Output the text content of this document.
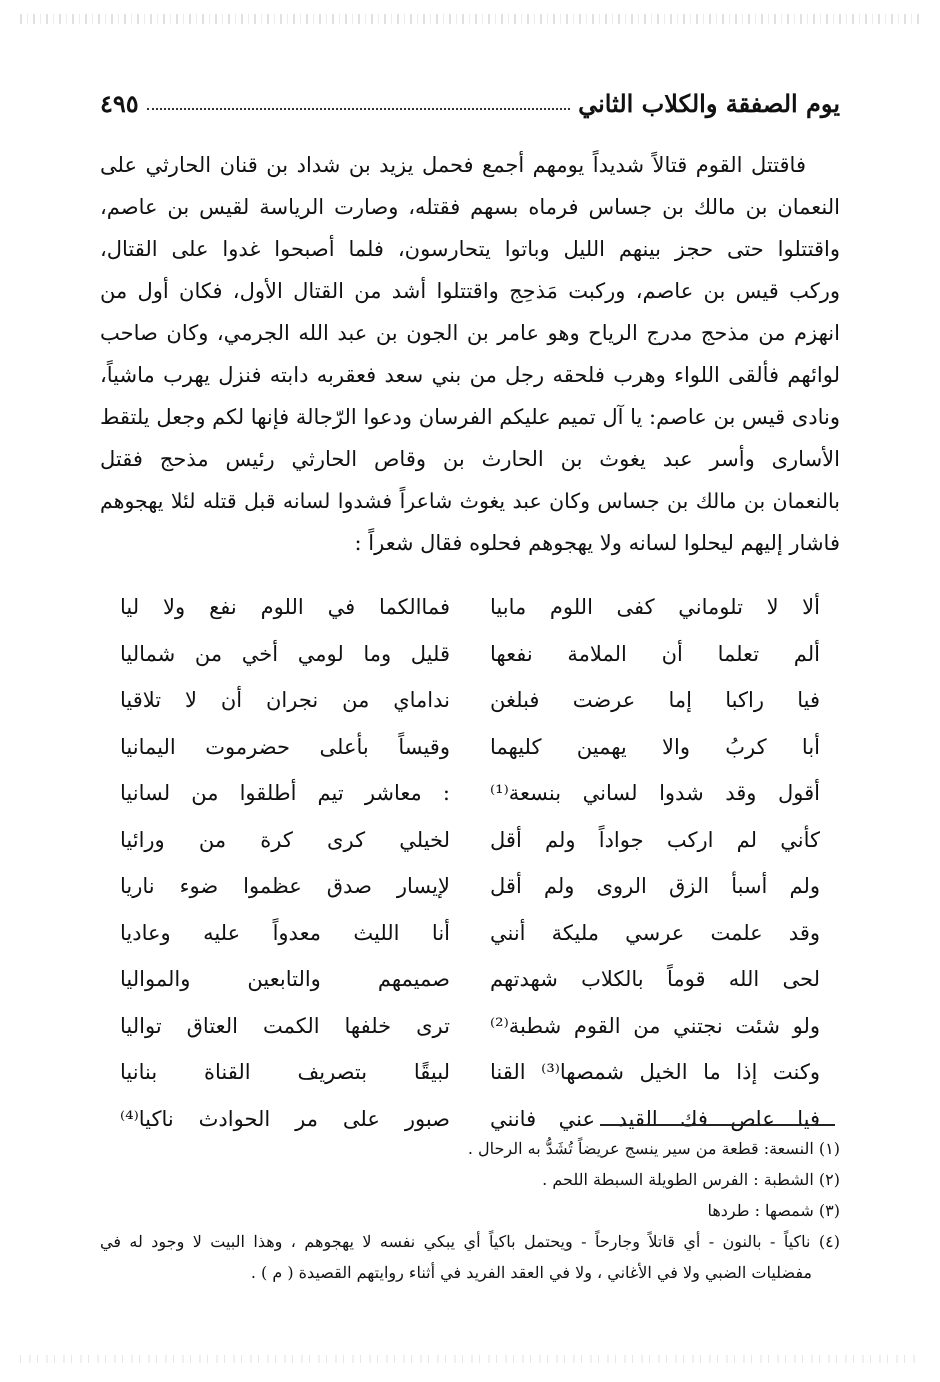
يوم الصفقة والكلاب الثاني
٤٩٥
فاقتتل القوم قتالاً شديداً يومهم أجمع فحمل يزيد بن شداد بن قنان الحارثي على
النعمان بن مالك بن جساس فرماه بسهم فقتله، وصارت الرياسة لقيس بن عاصم،
واقتتلوا حتى حجز بينهم الليل وباتوا يتحارسون، فلما أصبحوا غدوا على القتال،
وركب قيس بن عاصم، وركبت مَذحِج واقتتلوا أشد من القتال الأول، فكان أول من
انهزم من مذحج مدرج الرياح وهو عامر بن الجون بن عبد الله الجرمي، وكان صاحب
لوائهم فألقى اللواء وهرب فلحقه رجل من بني سعد فعقربه دابته فنزل يهرب ماشياً،
ونادى قيس بن عاصم: يا آل تميم عليكم الفرسان ودعوا الرّجالة فإنها لكم وجعل يلتقط
الأسارى وأسر عبد يغوث بن الحارث بن وقاص الحارثي رئيس مذحج فقتل
بالنعمان بن مالك بن جساس وكان عبد يغوث شاعراً فشدوا لسانه قبل قتله لئلا يهجوهم
فاشار إليهم ليحلوا لسانه ولا يهجوهم فحلوه فقال شعراً :
ألا لا تلوماني كفى اللوم مابيا
فماالكما في اللوم نفع ولا ليا
ألم تعلما أن الملامة نفعها
قليل وما لومي أخي من شماليا
فيا راكبا إما عرضت فبلغن
نداماي من نجران أن لا تلاقيا
أبا كربُ والا يهمين كليهما
وقيساً بأعلى حضرموت اليمانيا
أقول وقد شدوا لساني بنسعة⁽¹⁾
: معاشر تيم أطلقوا من لسانيا
كأني لم اركب جواداً ولم أقل
لخيلي كرى كرة من ورائيا
ولم أسبأ الزق الروى ولم أقل
لإيسار صدق عظموا ضوء ناريا
وقد علمت عرسي مليكة أنني
أنا الليث معدواً عليه وعاديا
لحى الله قوماً بالكلاب شهدتهم
صميمهم والتابعين والمواليا
ولو شئت نجتني من القوم شطبة⁽²⁾
ترى خلفها الكمت العتاق تواليا
وكنت إذا ما الخيل شمصها⁽³⁾ القنا
لبيقًا بتصريف القناة بنانيا
فيا عاص فك القيد عني فانني
صبور على مر الحوادث ناكيا⁽⁴⁾
(١) النسعة: قطعة من سير ينسج عريضاً تُشَدُّ به الرحال .
(٢) الشطبة : الفرس الطويلة السبطة اللحم .
(٣) شمصها : طردها
(٤) ناكياً - بالنون - أي قاتلاً وجارحاً - ويحتمل باكياً أي يبكي نفسه لا يهجوهم ، وهذا البيت لا وجود له في
مفضليات الضبي ولا في الأغاني ، ولا في العقد الفريد في أثناء روايتهم القصيدة ( م ) .
